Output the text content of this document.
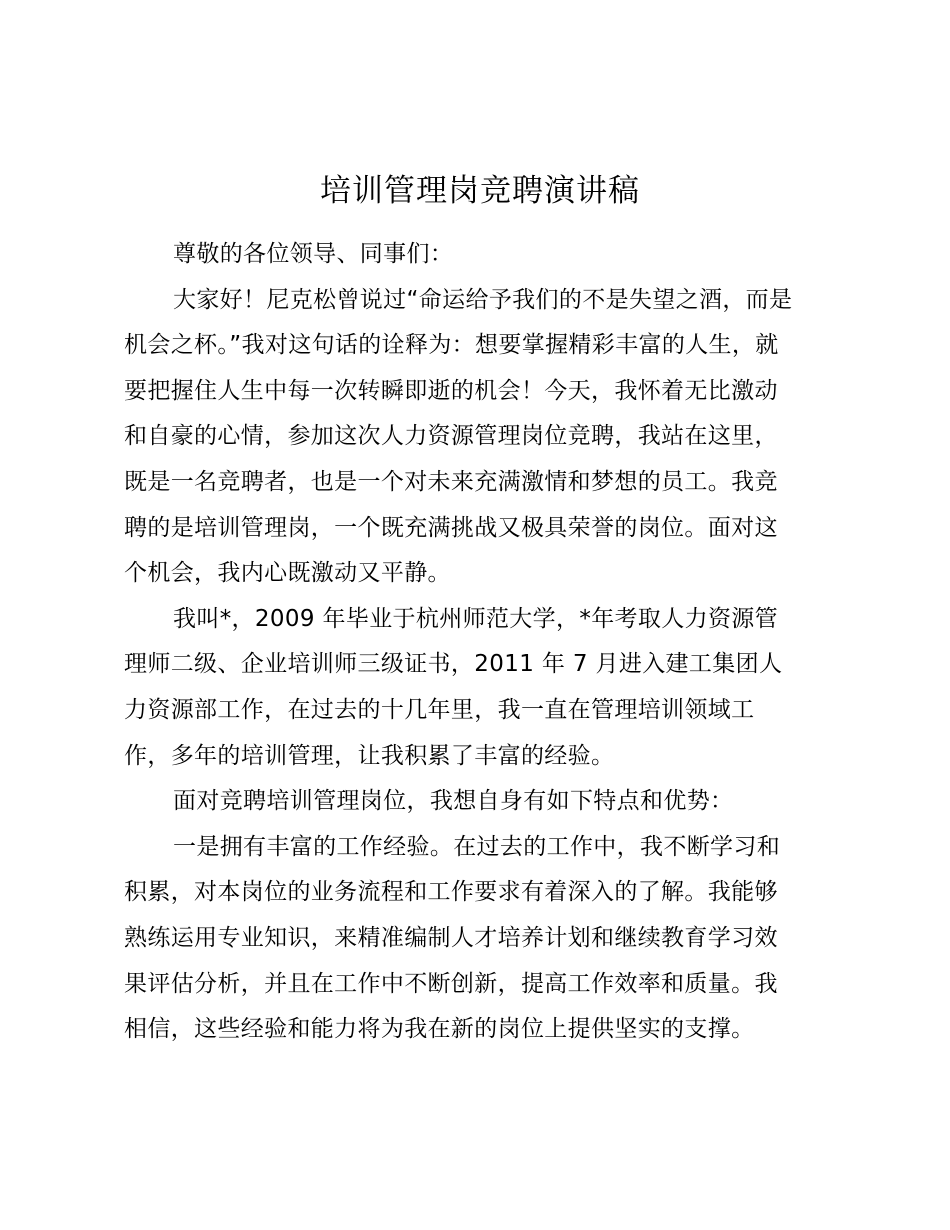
培训管理岗竞聘演讲稿
尊敬的各位领导、同事们：
大家好！尼克松曾说过“命运给予我们的不是失望之酒，而是
机会之杯。”我对这句话的诠释为：想要掌握精彩丰富的人生，就
要把握住人生中每一次转瞬即逝的机会！今天，我怀着无比激动
和自豪的心情，参加这次人力资源管理岗位竞聘，我站在这里，
既是一名竞聘者，也是一个对未来充满激情和梦想的员工。我竞
聘的是培训管理岗，一个既充满挑战又极具荣誉的岗位。面对这
个机会，我内心既激动又平静。
我叫*，2009 年毕业于杭州师范大学，*年考取人力资源管
理师二级、企业培训师三级证书，2011 年 7 月进入建工集团人
力资源部工作，在过去的十几年里，我一直在管理培训领域工
作，多年的培训管理，让我积累了丰富的经验。
面对竞聘培训管理岗位，我想自身有如下特点和优势：
一是拥有丰富的工作经验。在过去的工作中，我不断学习和
积累，对本岗位的业务流程和工作要求有着深入的了解。我能够
熟练运用专业知识，来精准编制人才培养计划和继续教育学习效
果评估分析，并且在工作中不断创新，提高工作效率和质量。我
相信，这些经验和能力将为我在新的岗位上提供坚实的支撑。
